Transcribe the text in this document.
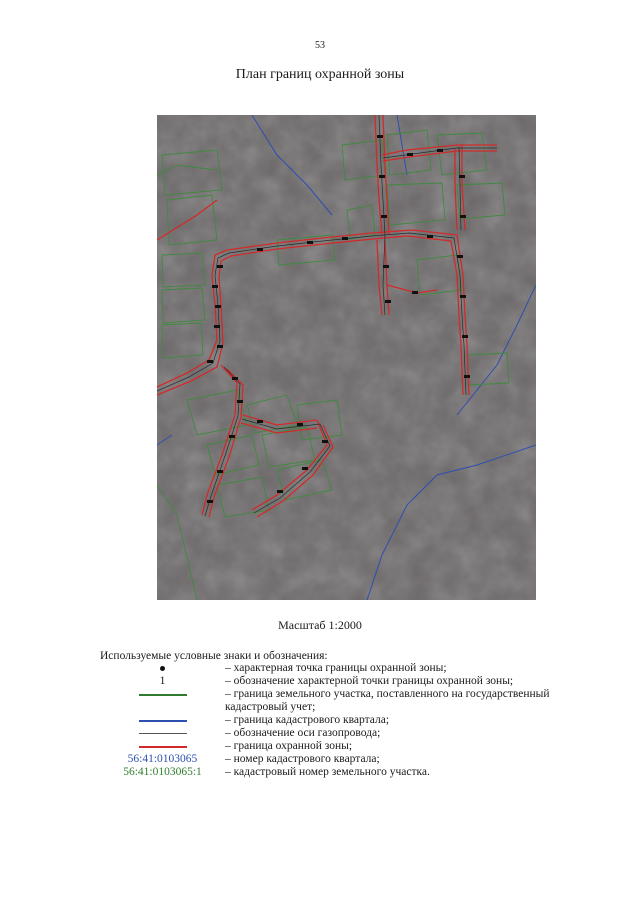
53
План границ охранной зоны
Масштаб 1:2000
Используемые условные знаки и обозначения:
– характерная точка границы охранной зоны;
1	– обозначение характерной точки границы охранной зоны;
– граница земельного участка, поставленного на государственный кадастровый учет;
– граница кадастрового квартала;
– обозначение оси газопровода;
– граница охранной зоны;
56:41:0103065 – номер кадастрового квартала;
56:41:0103065:1 – кадастровый номер земельного участка.
